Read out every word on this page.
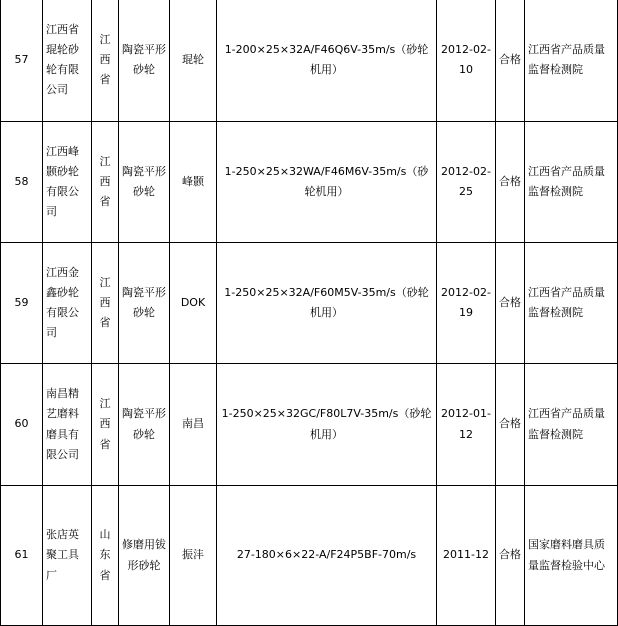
57	江西省琨轮砂轮有限公司	江西省	陶瓷平形砂轮	琨轮	1-200×25×32A/F46Q6V-35m/s（砂轮机用）	2012-02-10	合格	江西省产品质量监督检测院
58	江西峰颢砂轮有限公司	江西省	陶瓷平形砂轮	峰颢	1-250×25×32WA/F46M6V-35m/s（砂轮机用）	2012-02-25	合格	江西省产品质量监督检测院
59	江西金鑫砂轮有限公司	江西省	陶瓷平形砂轮	DOK	1-250×25×32A/F60M5V-35m/s（砂轮机用）	2012-02-19	合格	江西省产品质量监督检测院
60	南昌精艺磨料磨具有限公司	江西省	陶瓷平形砂轮	南昌	1-250×25×32GC/F80L7V-35m/s（砂轮机用）	2012-01-12	合格	江西省产品质量监督检测院
61	张店英聚工具厂	山东省	修磨用钹形砂轮	振沣	27-180×6×22-A/F24P5BF-70m/s	2011-12	合格	国家磨料磨具质量监督检验中心
